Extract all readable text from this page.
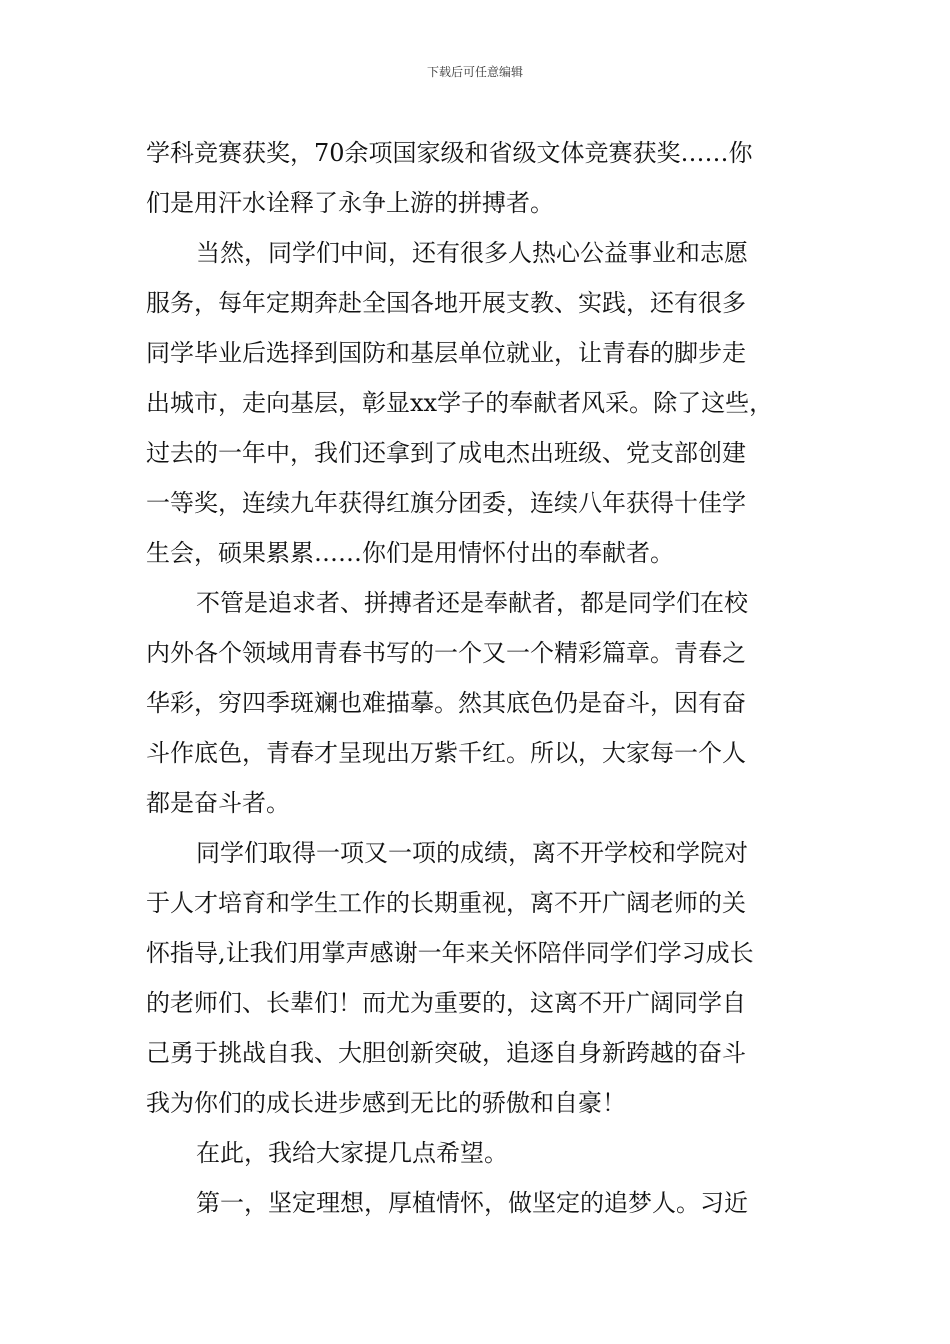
下载后可任意编辑
学科竞赛获奖，70余项国家级和省级文体竞赛获奖……你
们是用汗水诠释了永争上游的拼搏者。
当然，同学们中间，还有很多人热心公益事业和志愿
服务，每年定期奔赴全国各地开展支教、实践，还有很多
同学毕业后选择到国防和基层单位就业，让青春的脚步走
出城市，走向基层，彰显xx学子的奉献者风采。除了这些，
过去的一年中，我们还拿到了成电杰出班级、党支部创建
一等奖，连续九年获得红旗分团委，连续八年获得十佳学
生会，硕果累累……你们是用情怀付出的奉献者。
不管是追求者、拼搏者还是奉献者，都是同学们在校
内外各个领域用青春书写的一个又一个精彩篇章。青春之
华彩，穷四季斑斓也难描摹。然其底色仍是奋斗，因有奋
斗作底色，青春才呈现出万紫千红。所以，大家每一个人
都是奋斗者。
同学们取得一项又一项的成绩，离不开学校和学院对
于人才培育和学生工作的长期重视，离不开广阔老师的关
怀指导,让我们用掌声感谢一年来关怀陪伴同学们学习成长
的老师们、长辈们！而尤为重要的，这离不开广阔同学自
己勇于挑战自我、大胆创新突破，追逐自身新跨越的奋斗
我为你们的成长进步感到无比的骄傲和自豪！
在此，我给大家提几点希望。
第一，坚定理想，厚植情怀，做坚定的追梦人。习近
